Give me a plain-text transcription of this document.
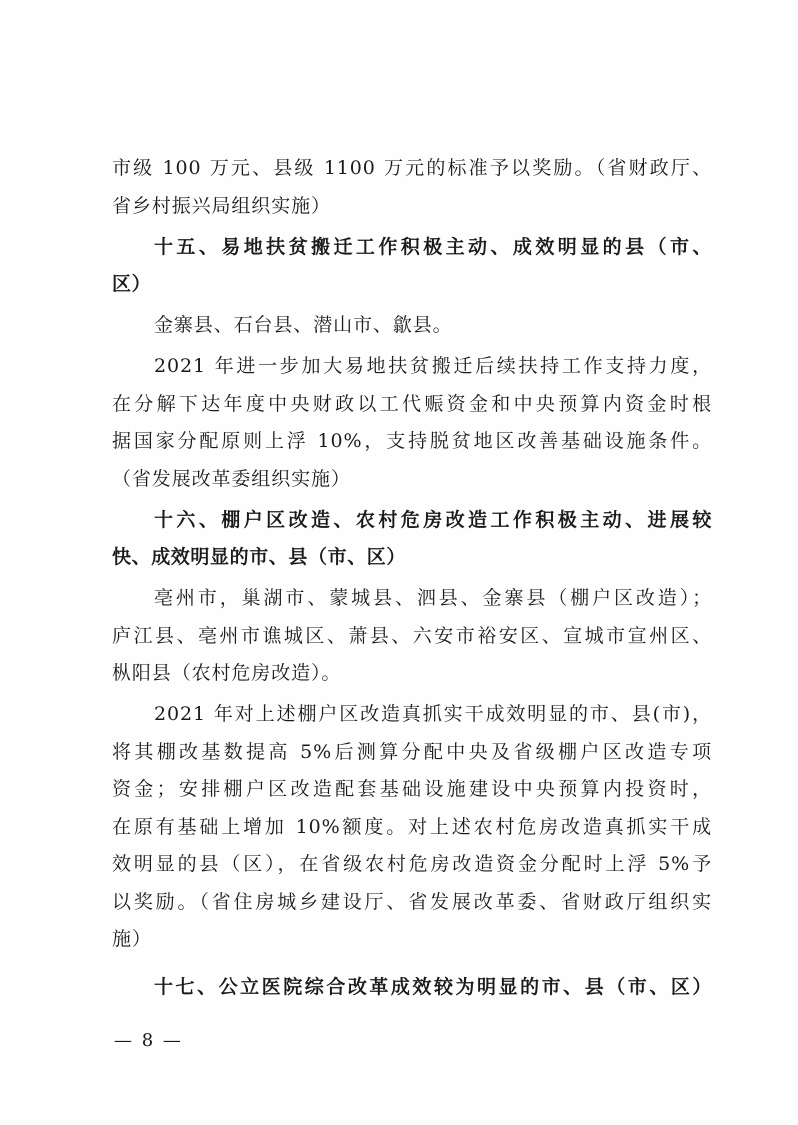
市级 100 万元、县级 1100 万元的标准予以奖励。（省财政厅、
省乡村振兴局组织实施）
十五、易地扶贫搬迁工作积极主动、成效明显的县（市、
区）
金寨县、石台县、潜山市、歙县。
2021 年进一步加大易地扶贫搬迁后续扶持工作支持力度，
在分解下达年度中央财政以工代赈资金和中央预算内资金时根
据国家分配原则上浮 10%，支持脱贫地区改善基础设施条件。
（省发展改革委组织实施）
十六、棚户区改造、农村危房改造工作积极主动、进展较
快、成效明显的市、县（市、区）
亳州市，巢湖市、蒙城县、泗县、金寨县（棚户区改造）；
庐江县、亳州市谯城区、萧县、六安市裕安区、宣城市宣州区、
枞阳县（农村危房改造）。
2021 年对上述棚户区改造真抓实干成效明显的市、县(市)，
将其棚改基数提高 5%后测算分配中央及省级棚户区改造专项
资金；安排棚户区改造配套基础设施建设中央预算内投资时，
在原有基础上增加 10%额度。对上述农村危房改造真抓实干成
效明显的县（区），在省级农村危房改造资金分配时上浮 5%予
以奖励。（省住房城乡建设厅、省发展改革委、省财政厅组织实
施）
十七、公立医院综合改革成效较为明显的市、县（市、区）
— 8 —
